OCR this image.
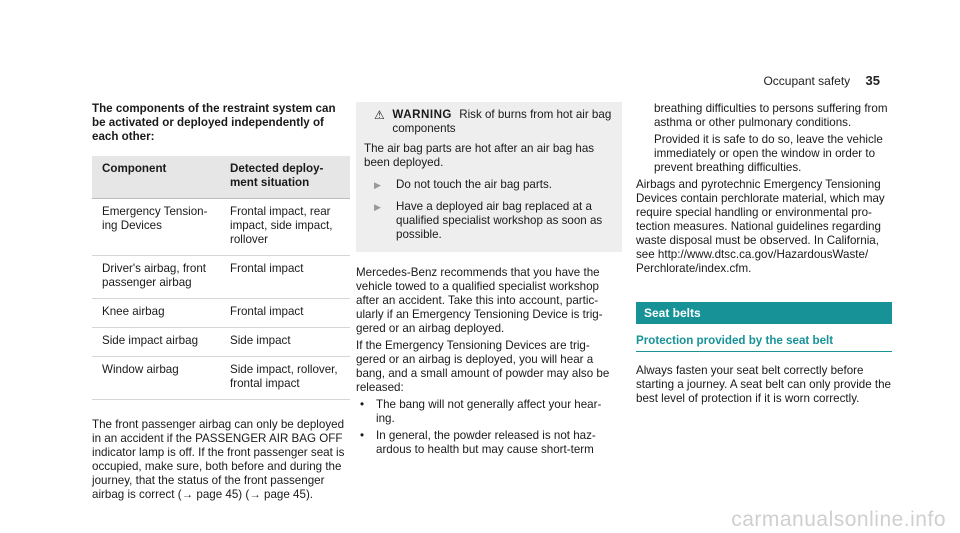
Occupant safety 35

The components of the restraint system can be activated or deployed independently of each other:

Component	Detected deploy- ment situation
Emergency Tension- ing Devices	Frontal impact, rear impact, side impact, rollover
Driver's airbag, front passenger airbag	Frontal impact
Knee airbag	Frontal impact
Side impact airbag	Side impact
Window airbag	Side impact, rollover, frontal impact

The front passenger airbag can only be deployed in an accident if the PASSENGER AIR BAG OFF indicator lamp is off. If the front passenger seat is occupied, make sure, both before and during the journey, that the status of the front passenger airbag is correct (→ page 45) (→ page 45).

⚠ WARNING Risk of burns from hot air bag components
The air bag parts are hot after an air bag has been deployed.
▶	Do not touch the air bag parts.
▶	Have a deployed air bag replaced at a qualified specialist workshop as soon as possible.

Mercedes-Benz recommends that you have the vehicle towed to a qualified specialist workshop after an accident. Take this into account, partic- ularly if an Emergency Tensioning Device is trig- gered or an airbag deployed.

If the Emergency Tensioning Devices are trig- gered or an airbag is deployed, you will hear a bang, and a small amount of powder may also be released:

•	The bang will not generally affect your hear- ing.
•	In general, the powder released is not haz- ardous to health but may cause short-term

breathing difficulties to persons suffering from asthma or other pulmonary conditions.

Provided it is safe to do so, leave the vehicle immediately or open the window in order to prevent breathing difficulties.

Airbags and pyrotechnic Emergency Tensioning Devices contain perchlorate material, which may require special handling or environmental pro- tection measures. National guidelines regarding waste disposal must be observed. In California, see http://www.dtsc.ca.gov/HazardousWaste/ Perchlorate/index.cfm.

Seat belts
Protection provided by the seat belt

Always fasten your seat belt correctly before starting a journey. A seat belt can only provide the best level of protection if it is worn correctly.

carmanualsonline.info
